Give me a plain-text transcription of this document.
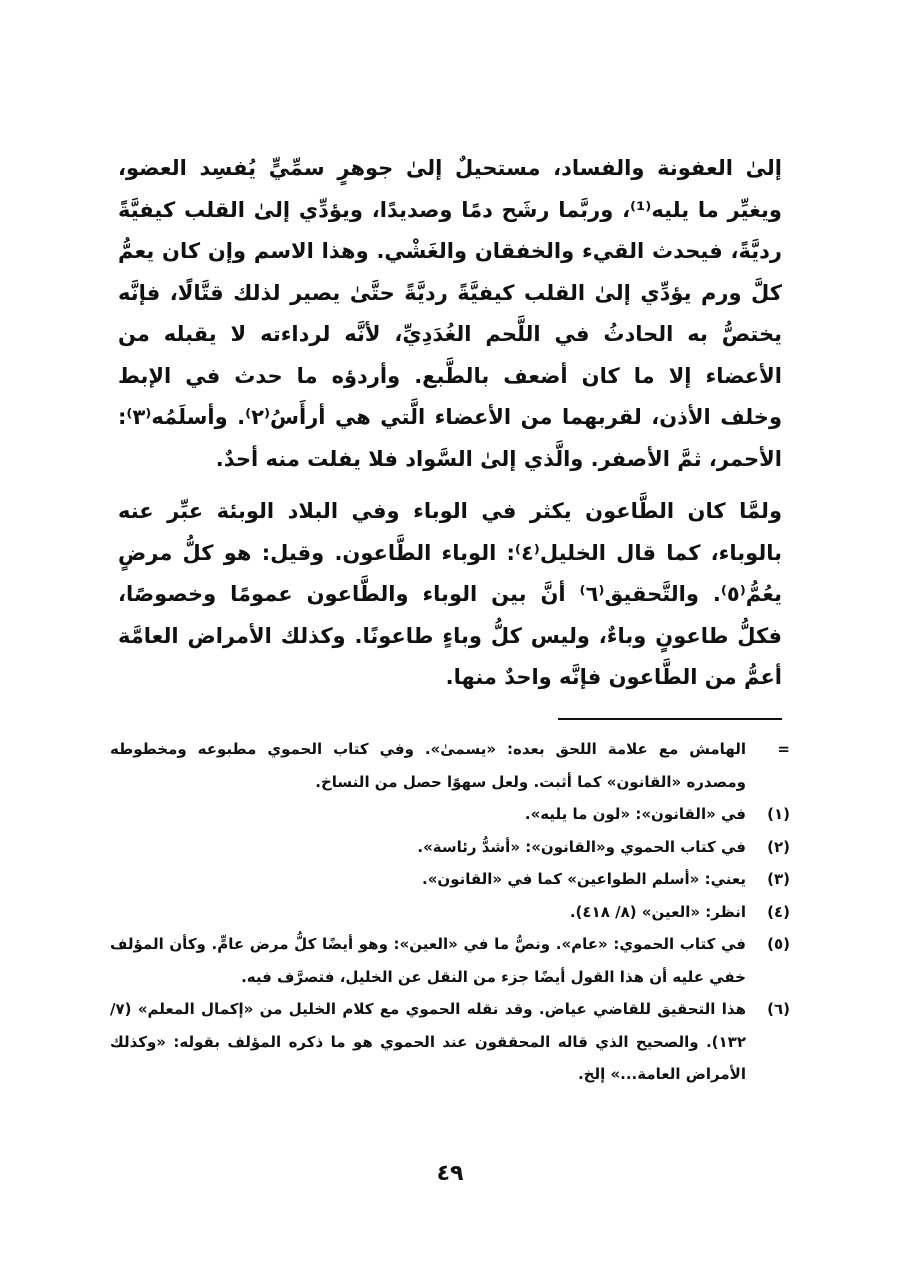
إلىٰ العفونة والفساد، مستحيلٌ إلىٰ جوهرٍ سمِّيٍّ يُفسِد العضو، ويغيِّر ما يليه⁽¹⁾، وربَّما رشَح دمًا وصديدًا، ويؤدِّي إلىٰ القلب كيفيَّةً رديَّةً، فيحدث القيء والخفقان والغَشْي. وهذا الاسم وإن كان يعمُّ كلَّ ورم يؤدِّي إلىٰ القلب كيفيَّةً رديَّةً حتَّىٰ يصير لذلك قتَّالًا، فإنَّه يختصُّ به الحادثُ في اللَّحم الغُدَدِيِّ، لأنَّه لرداءته لا يقبله من الأعضاء إلا ما كان أضعف بالطَّبع. وأردؤه ما حدث في الإبط وخلف الأذن، لقربهما من الأعضاء الَّتي هي أرأَسُ⁽٢⁾. وأسلَمُه⁽٣⁾: الأحمر، ثمَّ الأصفر. والَّذي إلىٰ السَّواد فلا يفلت منه أحدٌ.

ولمَّا كان الطَّاعون يكثر في الوباء وفي البلاد الوبئة عبِّر عنه بالوباء، كما قال الخليل⁽٤⁾: الوباء الطَّاعون. وقيل: هو كلُّ مرضٍ يعُمُّ⁽٥⁾. والتَّحقيق⁽٦⁾ أنَّ بين الوباء والطَّاعون عمومًا وخصوصًا، فكلُّ طاعونٍ وباءٌ، وليس كلُّ وباءٍ طاعونًا. وكذلك الأمراض العامَّة أعمُّ من الطَّاعون فإنَّه واحدٌ منها.

=
الهامش مع علامة اللحق بعده: «يسمىٰ». وفي كتاب الحموي مطبوعه ومخطوطه ومصدره «القانون» كما أثبت. ولعل سهوًا حصل من النساخ.
(١)
في «القانون»: «لون ما يليه».
(٢)
في كتاب الحموي و«القانون»: «أشدُّ رئاسة».
(٣)
يعني: «أسلم الطواعين» كما في «القانون».
(٤)
انظر: «العين» (٨/ ٤١٨).
(٥)
في كتاب الحموي: «عام». ونصُّ ما في «العين»: وهو أيضًا كلُّ مرض عامٍّ. وكأن المؤلف خفي عليه أن هذا القول أيضًا جزء من النقل عن الخليل، فتصرَّف فيه.
(٦)
هذا التحقيق للقاضي عياض. وقد نقله الحموي مع كلام الخليل من «إكمال المعلم» (٧/ ١٣٢). والصحيح الذي قاله المحققون عند الحموي هو ما ذكره المؤلف بقوله: «وكذلك الأمراض العامة...» إلخ.
٤٩
